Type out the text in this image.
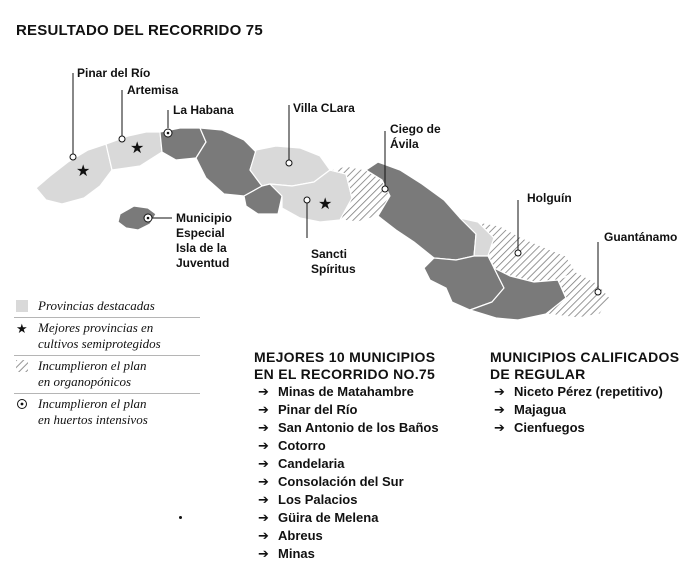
RESULTADO DEL RECORRIDO 75
★
★
★
Pinar del Río
Artemisa
La Habana	Villa CLara
Ciego de
Ávila
Holguín
Guantánamo
Sancti
Spíritus
Municipio
Especial
Isla de la
Juventud
Provincias destacadas
★ Mejores provincias en
cultivos semiprotegidos
Incumplieron el plan
en organopónicos
Incumplieron el plan
en huertos intensivos
MEJORES 10 MUNICIPIOS
EN EL RECORRIDO NO.75
➔ Minas de Matahambre
➔ Pinar del Río
➔ San Antonio de los Baños
➔ Cotorro
➔ Candelaria
➔ Consolación del Sur
➔ Los Palacios
➔ Güira de Melena
➔ Abreus
➔ Minas
MUNICIPIOS CALIFICADOS
DE REGULAR
➔ Niceto Pérez (repetitivo)
➔ Majagua
➔ Cienfuegos
